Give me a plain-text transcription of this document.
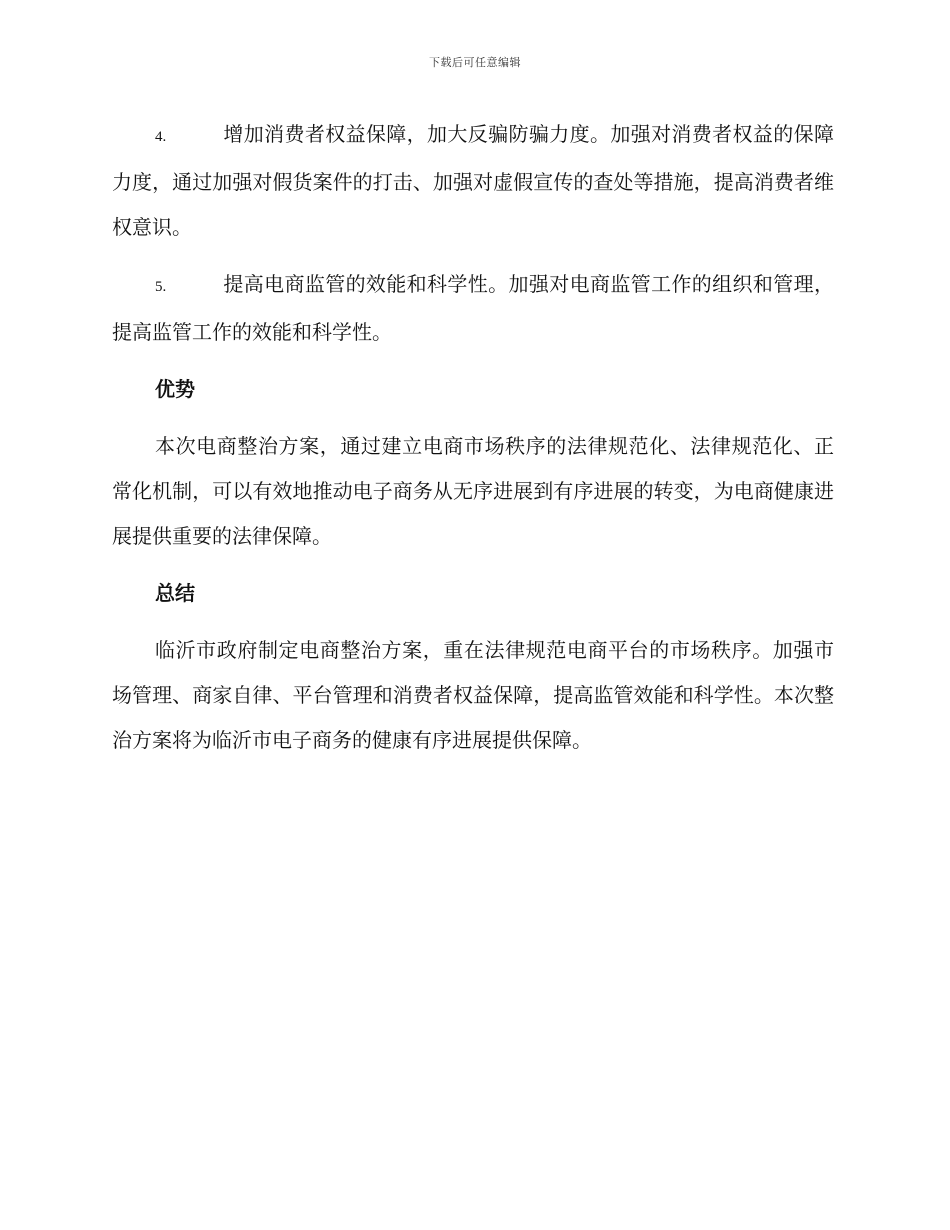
下载后可任意编辑

4.	增加消费者权益保障，加大反骗防骗力度。加强对消费者权益的保障力度，通过加强对假货案件的打击、加强对虚假宣传的查处等措施，提高消费者维权意识。

5.	提高电商监管的效能和科学性。加强对电商监管工作的组织和管理，提高监管工作的效能和科学性。

优势

本次电商整治方案，通过建立电商市场秩序的法律规范化、法律规范化、正常化机制，可以有效地推动电子商务从无序进展到有序进展的转变，为电商健康进展提供重要的法律保障。

总结

临沂市政府制定电商整治方案，重在法律规范电商平台的市场秩序。加强市场管理、商家自律、平台管理和消费者权益保障，提高监管效能和科学性。本次整治方案将为临沂市电子商务的健康有序进展提供保障。
